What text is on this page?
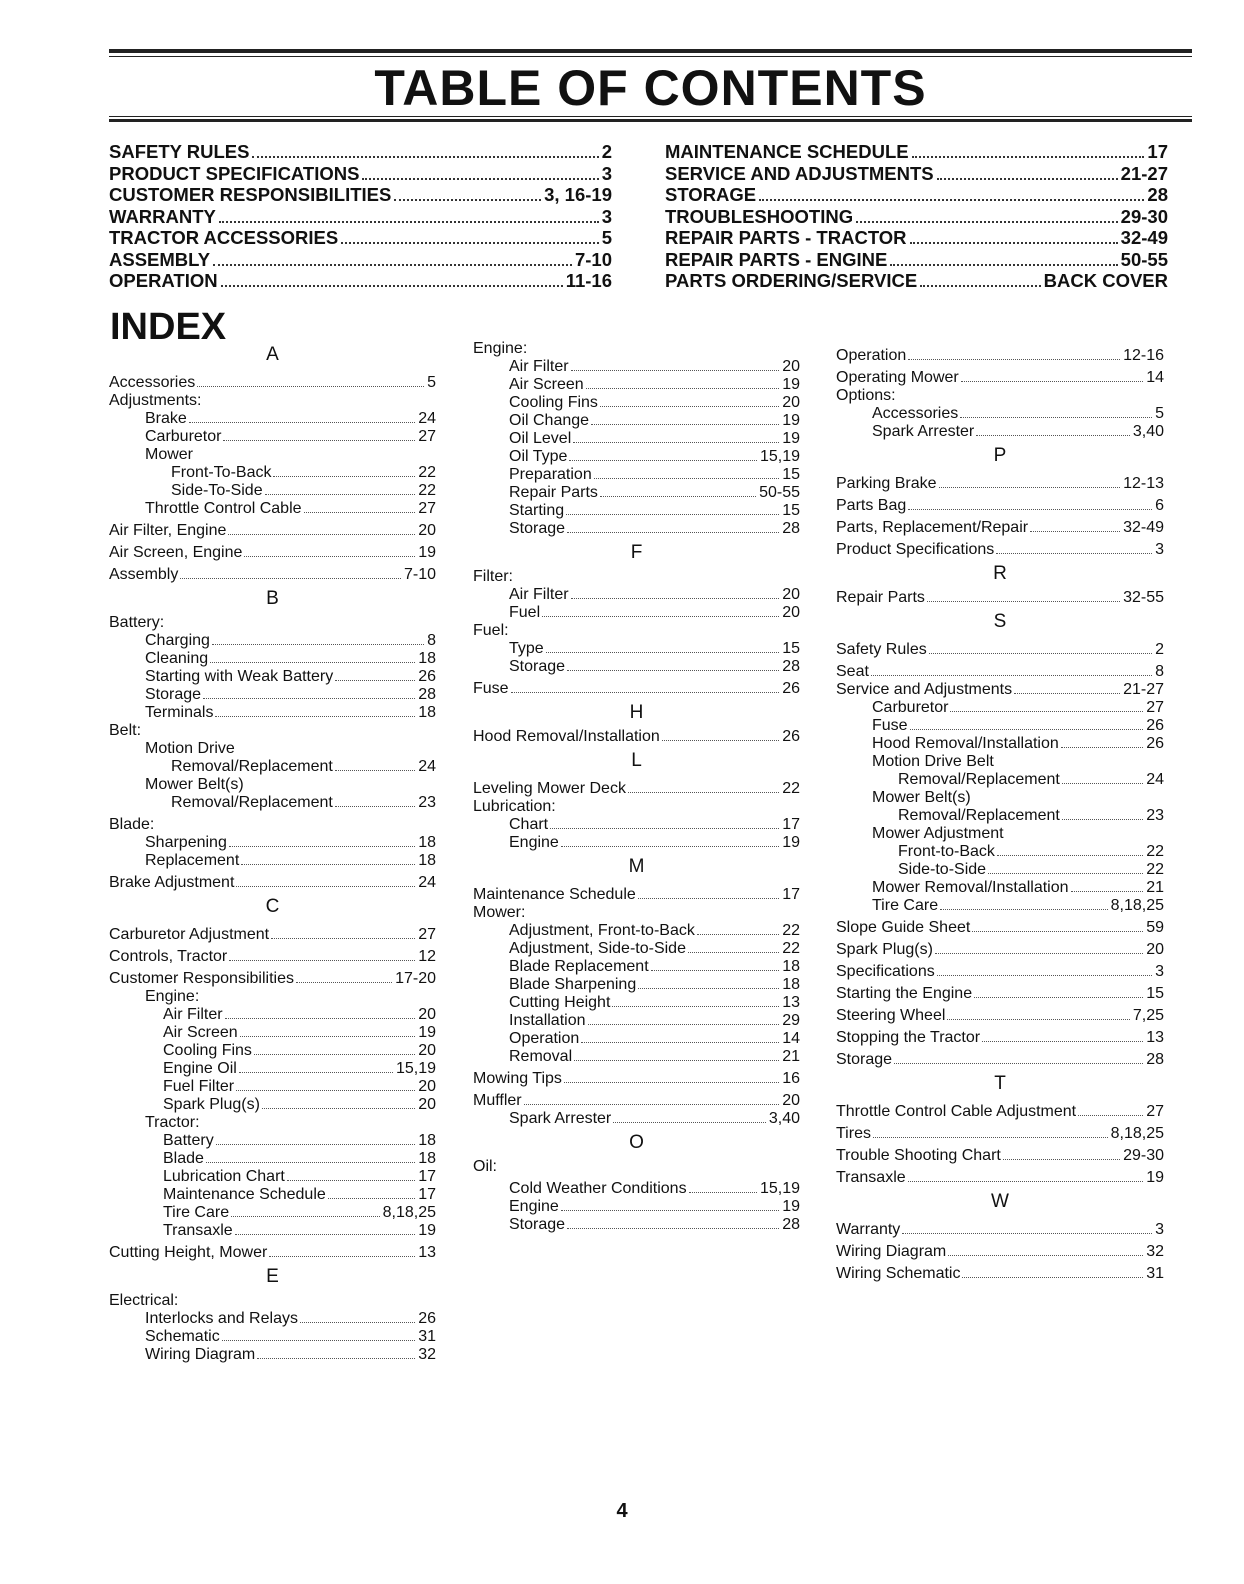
TABLE OF CONTENTS
SAFETY RULES	2
PRODUCT SPECIFICATIONS	3
CUSTOMER RESPONSIBILITIES	3, 16-19
WARRANTY	3
TRACTOR ACCESSORIES	5
ASSEMBLY	7-10
OPERATION	11-16
MAINTENANCE SCHEDULE	17
SERVICE AND ADJUSTMENTS	21-27
STORAGE	28
TROUBLESHOOTING	29-30
REPAIR PARTS - TRACTOR	32-49
REPAIR PARTS - ENGINE	50-55
PARTS ORDERING/SERVICE	BACK COVER
INDEX
A
Accessories	5
Adjustments:
Brake	24
Carburetor	27
Mower
Front-To-Back	22
Side-To-Side	22
Throttle Control Cable	27
Air Filter, Engine	20
Air Screen, Engine	19
Assembly	7-10
B
Battery:
Charging	8
Cleaning	18
Starting with Weak Battery	26
Storage	28
Terminals	18
Belt:
Motion Drive
Removal/Replacement	24
Mower Belt(s)
Removal/Replacement	23
Blade:
Sharpening	18
Replacement	18
Brake Adjustment	24
C
Carburetor Adjustment	27
Controls, Tractor	12
Customer Responsibilities	17-20
Engine:
Air Filter	20
Air Screen	19
Cooling Fins	20
Engine Oil	15,19
Fuel Filter	20
Spark Plug(s)	20
Tractor:
Battery	18
Blade	18
Lubrication Chart	17
Maintenance Schedule	17
Tire Care	8,18,25
Transaxle	19
Cutting Height, Mower	13
E
Electrical:
Interlocks and Relays	26
Schematic	31
Wiring Diagram	32
Engine:
Air Filter	20
Air Screen	19
Cooling Fins	20
Oil Change	19
Oil Level	19
Oil Type	15,19
Preparation	15
Repair Parts	50-55
Starting	15
Storage	28
F
Filter:
Air Filter	20
Fuel	20
Fuel:
Type	15
Storage	28
Fuse	26
H
Hood Removal/Installation	26
L
Leveling Mower Deck	22
Lubrication:
Chart	17
Engine	19
M
Maintenance Schedule	17
Mower:
Adjustment, Front-to-Back	22
Adjustment, Side-to-Side	22
Blade Replacement	18
Blade Sharpening	18
Cutting Height	13
Installation	29
Operation	14
Removal	21
Mowing Tips	16
Muffler	20
Spark Arrester	3,40
O
Oil:
Cold Weather Conditions	15,19
Engine	19
Storage	28
Operation	12-16
Operating Mower	14
Options:
Accessories	5
Spark Arrester	3,40
P
Parking Brake	12-13
Parts Bag	6
Parts, Replacement/Repair	32-49
Product Specifications	3
R
Repair Parts	32-55
S
Safety Rules	2
Seat	8
Service and Adjustments	21-27
Carburetor	27
Fuse	26
Hood Removal/Installation	26
Motion Drive Belt
Removal/Replacement	24
Mower Belt(s)
Removal/Replacement	23
Mower Adjustment
Front-to-Back	22
Side-to-Side	22
Mower Removal/Installation	21
Tire Care	8,18,25
Slope Guide Sheet	59
Spark Plug(s)	20
Specifications	3
Starting the Engine	15
Steering Wheel	7,25
Stopping the Tractor	13
Storage	28
T
Throttle Control Cable Adjustment	27
Tires	8,18,25
Trouble Shooting Chart	29-30
Transaxle	19
W
Warranty	3
Wiring Diagram	32
Wiring Schematic	31
4
